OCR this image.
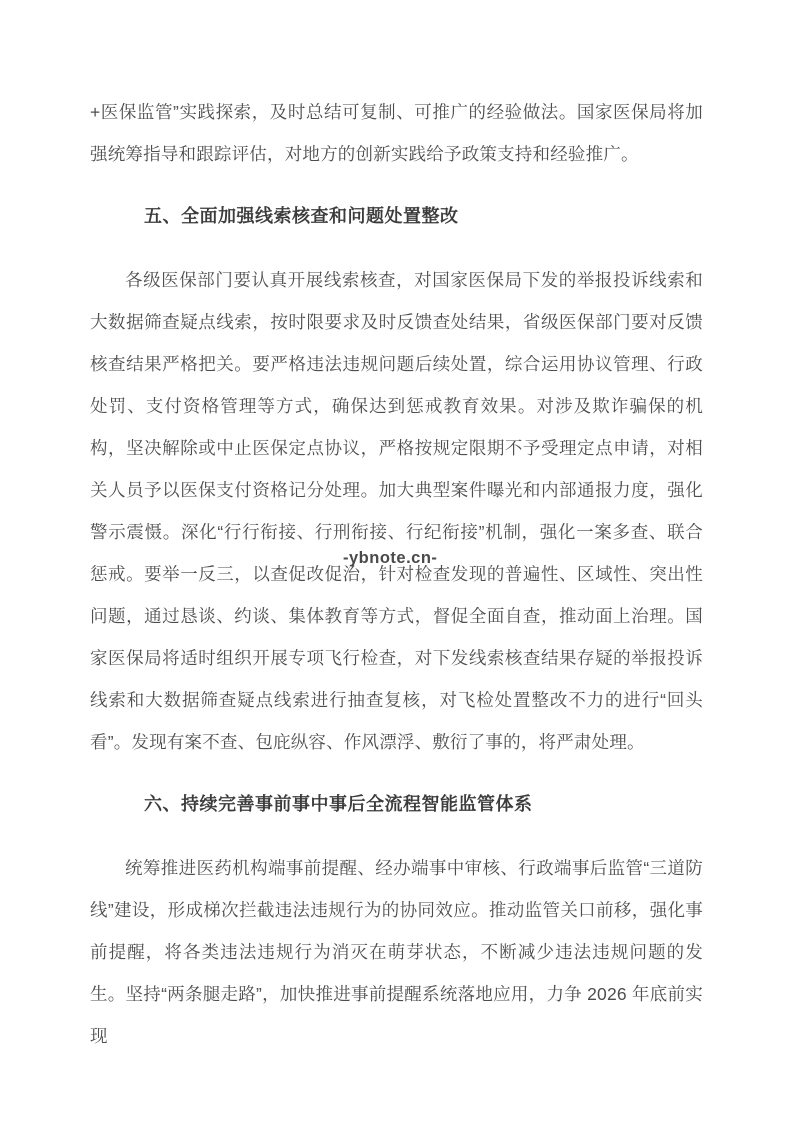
+医保监管”实践探索，及时总结可复制、可推广的经验做法。国家医保局将加强统筹指导和跟踪评估，对地方的创新实践给予政策支持和经验推广。

五、全面加强线索核查和问题处置整改

各级医保部门要认真开展线索核查，对国家医保局下发的举报投诉线索和大数据筛查疑点线索，按时限要求及时反馈查处结果，省级医保部门要对反馈核查结果严格把关。要严格违法违规问题后续处置，综合运用协议管理、行政处罚、支付资格管理等方式，确保达到惩戒教育效果。对涉及欺诈骗保的机构，坚决解除或中止医保定点协议，严格按规定限期不予受理定点申请，对相关人员予以医保支付资格记分处理。加大典型案件曝光和内部通报力度，强化警示震慑。深化“行行衔接、行刑衔接、行纪衔接”机制，强化一案多查、联合惩戒。要举一反三，以查促改促治，针对检查发现的普遍性、区域性、突出性问题，通过恳谈、约谈、集体教育等方式，督促全面自查，推动面上治理。国家医保局将适时组织开展专项飞行检查，对下发线索核查结果存疑的举报投诉线索和大数据筛查疑点线索进行抽查复核，对飞检处置整改不力的进行“回头看”。发现有案不查、包庇纵容、作风漂浮、敷衍了事的，将严肃处理。

六、持续完善事前事中事后全流程智能监管体系

统筹推进医药机构端事前提醒、经办端事中审核、行政端事后监管“三道防线”建设，形成梯次拦截违法违规行为的协同效应。推动监管关口前移，强化事前提醒，将各类违法违规行为消灭在萌芽状态，不断减少违法违规问题的发生。坚持“两条腿走路”，加快推进事前提醒系统落地应用，力争 2026 年底前实现

-ybnote.cn-
